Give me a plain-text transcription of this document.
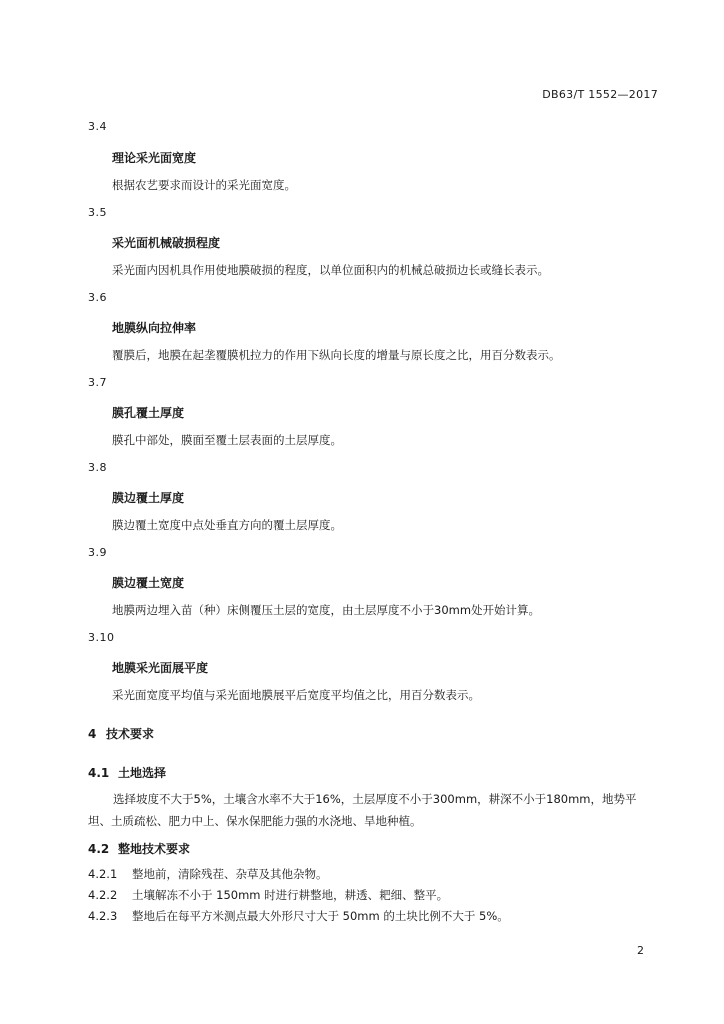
DB63/T 1552—2017
3.4
理论采光面宽度
根据农艺要求而设计的采光面宽度。
3.5
采光面机械破损程度
采光面内因机具作用使地膜破损的程度，以单位面积内的机械总破损边长或缝长表示。
3.6
地膜纵向拉伸率
覆膜后，地膜在起垄覆膜机拉力的作用下纵向长度的增量与原长度之比，用百分数表示。
3.7
膜孔覆土厚度
膜孔中部处，膜面至覆土层表面的土层厚度。
3.8
膜边覆土厚度
膜边覆土宽度中点处垂直方向的覆土层厚度。
3.9
膜边覆土宽度
地膜两边埋入苗（种）床侧覆压土层的宽度，由土层厚度不小于30mm处开始计算。
3.10
地膜采光面展平度
采光面宽度平均值与采光面地膜展平后宽度平均值之比，用百分数表示。
4 技术要求
4.1 土地选择
选择坡度不大于5%，土壤含水率不大于16%，土层厚度不小于300mm，耕深不小于180mm，地势平坦、土质疏松、肥力中上、保水保肥能力强的水浇地、旱地种植。
4.2 整地技术要求
4.2.1 整地前，清除残茬、杂草及其他杂物。
4.2.2 土壤解冻不小于 150mm 时进行耕整地，耕透、耙细、整平。
4.2.3 整地后在每平方米测点最大外形尺寸大于 50mm 的土块比例不大于 5%。
2
